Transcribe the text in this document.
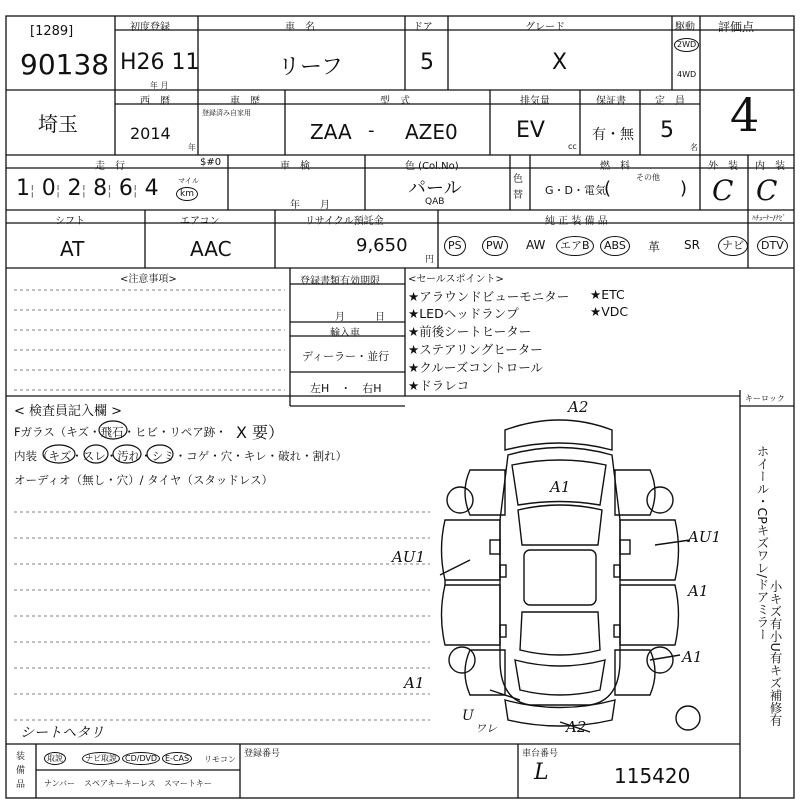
[1289]
90138
初度登録
H26 11
年 月
車　名
リーフ
ドア
5
グレード
X
駆動
2WD
4WD
評価点
4
埼玉
西　暦
2014
年
車　歴
登録済み自家用
型　式
ZAA - AZE0
排気量
EV
cc
保証書
有・無
定　員
5
名
走　行	$#0
1¦ 0¦ 2¦ 8¦ 6¦ 4	マイル
km
車　検
年　　月
色 (Col.No)
パール
QAB
色替
燃　料
G・D・電気
(
その他
)
外　装
C
内　装
C
シフト
AT
エアコン
AAC
リサイクル預託金
9,650
円
純 正 装 備 品	ﾊﾁｭｰﾅｰ/ﾅﾋﾞ
PS	PW	AW	エアB	ABS	革 SR	ナビ	DTV
<注意事項>	登録書類有効期限
月　　　日
輸入車
ディーラー・並行
左H　・　右H
<セールスポイント>
★アラウンドビューモニター ★ETC
★LEDヘッドランプ	★VDC
★前後シートヒーター
★ステアリングヒーター
★クルーズコントロール
★ドラレコ
< 検査員記入欄 >
Fガラス（キズ・飛石・ヒビ・リペア跡・ X 要）
内装（キズ・スレ・汚れ・シミ・コゲ・穴・キレ・破れ・割れ）
オーディオ（無し・穴）/ タイヤ（スタッドレス）
シートヘタリ
A2
A1
AU1
AU1
A1
A1
A1
U
ワレ	A2
キーロック
ホイール・CPキズワレ/ドアミラー
小キズ有小U有キズ補修有
装備品
取説	ナビ取説	CD/DVD E-CAS	リモコン
ナンバー スペアキー キーレス スマートキー
登録番号	車台番号
L	115420
